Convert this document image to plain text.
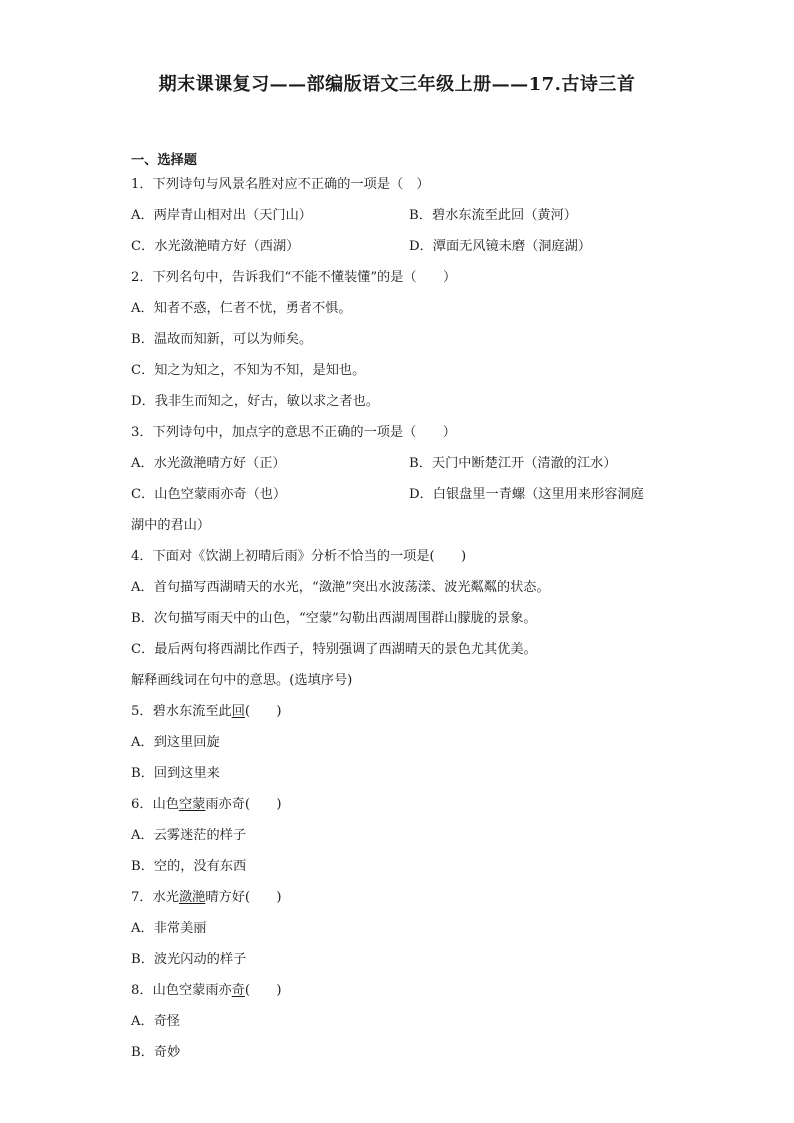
期末课课复习——部编版语文三年级上册——17.古诗三首
一、选择题
1．下列诗句与风景名胜对应不正确的一项是（　）
A．两岸青山相对出（天门山）	B．碧水东流至此回（黄河）
C．水光潋滟晴方好（西湖）	D．潭面无风镜未磨（洞庭湖）
2．下列名句中，告诉我们“不能不懂装懂”的是（　　）
A．知者不惑，仁者不忧，勇者不惧。
B．温故而知新，可以为师矣。
C．知之为知之，不知为不知，是知也。
D．我非生而知之，好古，敏以求之者也。
3．下列诗句中，加点字的意思不正确的一项是（　　）
A．水光潋滟晴方好（正）	B．天门中断楚江开（清澈的江水）
C．山色空蒙雨亦奇（也）	D．白银盘里一青螺（这里用来形容洞庭
湖中的君山）
4．下面对《饮湖上初晴后雨》分析不恰当的一项是(　　)
A．首句描写西湖晴天的水光，“潋滟”突出水波荡漾、波光粼粼的状态。
B．次句描写雨天中的山色，“空蒙”勾勒出西湖周围群山朦胧的景象。
C．最后两句将西湖比作西子，特别强调了西湖晴天的景色尤其优美。
解释画线词在句中的意思。(选填序号)
5．碧水东流至此回(　　)
A．到这里回旋
B．回到这里来
6．山色空蒙雨亦奇(　　)
A．云雾迷茫的样子
B．空的，没有东西
7．水光潋滟晴方好(　　)
A．非常美丽
B．波光闪动的样子
8．山色空蒙雨亦奇(　　)
A．奇怪
B．奇妙
